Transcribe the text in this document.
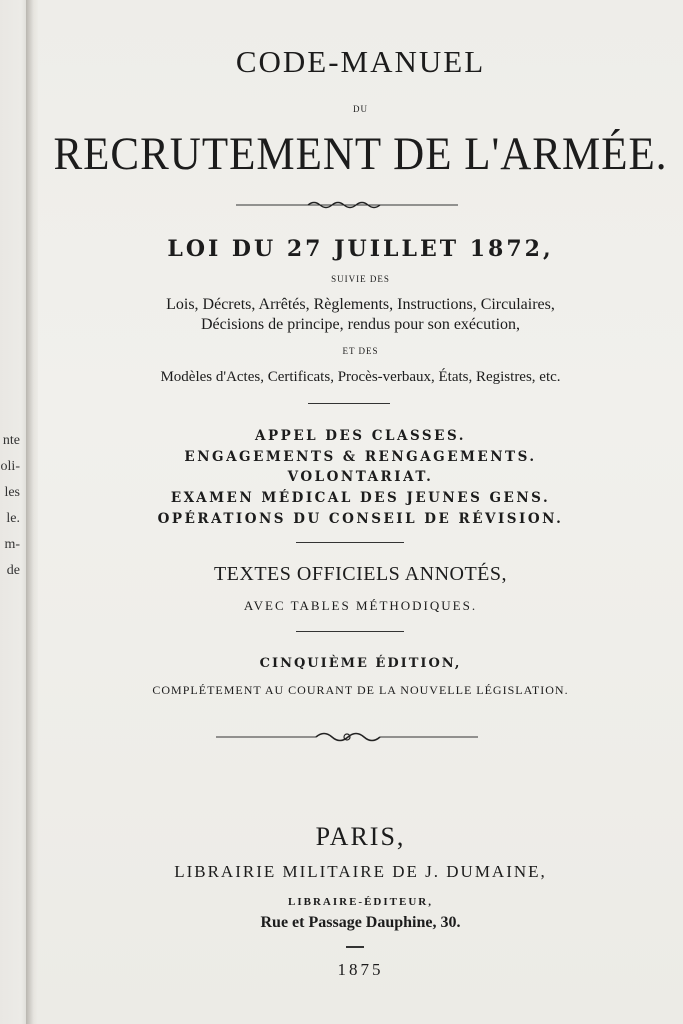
nte
oli-
les
le.
m-
de
CODE-MANUEL
DU
RECRUTEMENT DE L'ARMÉE.
LOI DU 27 JUILLET 1872,
SUIVIE DES
Lois, Décrets, Arrêtés, Règlements, Instructions, Circulaires,
Décisions de principe, rendus pour son exécution,
ET DES
Modèles d'Actes, Certificats, Procès-verbaux, États, Registres, etc.
APPEL DES CLASSES.
ENGAGEMENTS & RENGAGEMENTS.
VOLONTARIAT.
EXAMEN MÉDICAL DES JEUNES GENS.
OPÉRATIONS DU CONSEIL DE RÉVISION.
TEXTES OFFICIELS ANNOTÉS,
AVEC TABLES MÉTHODIQUES.
CINQUIÈME ÉDITION,
COMPLÉTEMENT AU COURANT DE LA NOUVELLE LÉGISLATION.
PARIS,
LIBRAIRIE MILITAIRE DE J. DUMAINE,
LIBRAIRE-ÉDITEUR,
Rue et Passage Dauphine, 30.
1875
